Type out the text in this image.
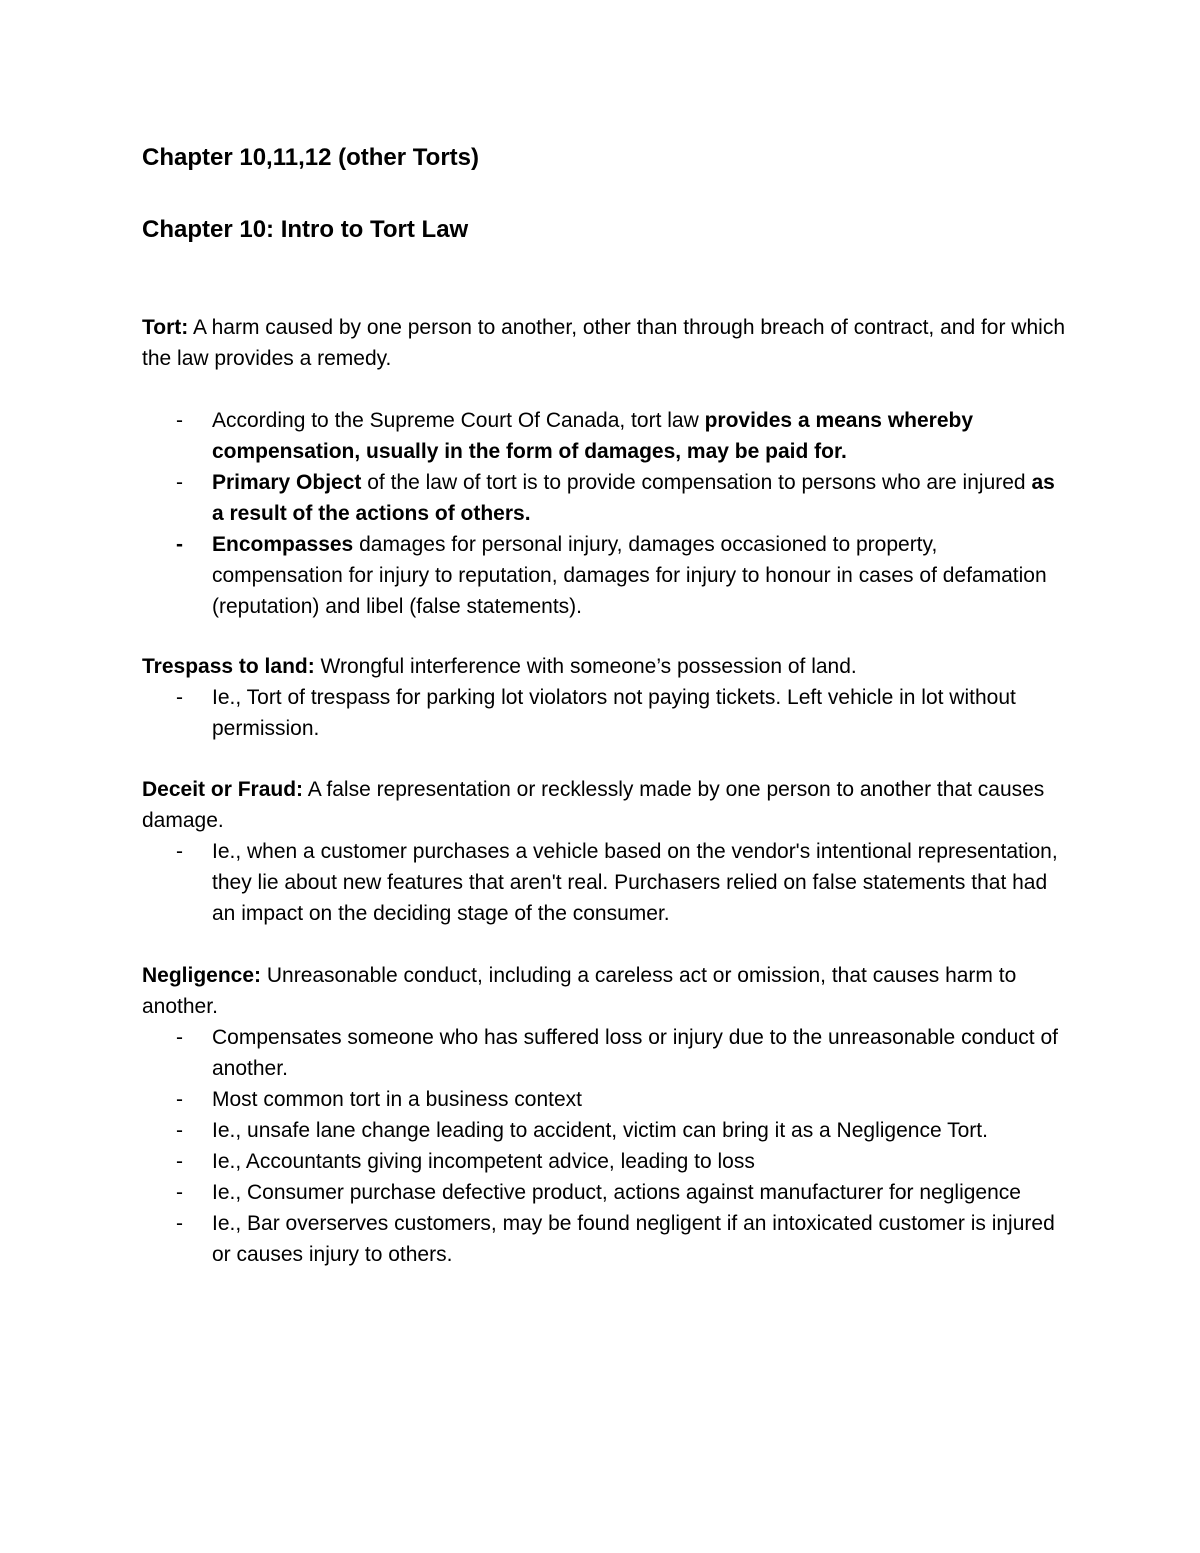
Chapter 10,11,12 (other Torts)

Chapter 10: Intro to Tort Law

Tort: A harm caused by one person to another, other than through breach of contract, and for which the law provides a remedy.

- According to the Supreme Court Of Canada, tort law provides a means whereby compensation, usually in the form of damages, may be paid for.
- Primary Object of the law of tort is to provide compensation to persons who are injured as a result of the actions of others.
- Encompasses damages for personal injury, damages occasioned to property, compensation for injury to reputation, damages for injury to honour in cases of defamation (reputation) and libel (false statements).

Trespass to land: Wrongful interference with someone’s possession of land.

- Ie., Tort of trespass for parking lot violators not paying tickets. Left vehicle in lot without permission.

Deceit or Fraud: A false representation or recklessly made by one person to another that causes damage.

- Ie., when a customer purchases a vehicle based on the vendor's intentional representation, they lie about new features that aren't real. Purchasers relied on false statements that had an impact on the deciding stage of the consumer.

Negligence: Unreasonable conduct, including a careless act or omission, that causes harm to another.

- Compensates someone who has suffered loss or injury due to the unreasonable conduct of another.
- Most common tort in a business context
- Ie., unsafe lane change leading to accident, victim can bring it as a Negligence Tort.
- Ie., Accountants giving incompetent advice, leading to loss
- Ie., Consumer purchase defective product, actions against manufacturer for negligence
- Ie., Bar overserves customers, may be found negligent if an intoxicated customer is injured or causes injury to others.
